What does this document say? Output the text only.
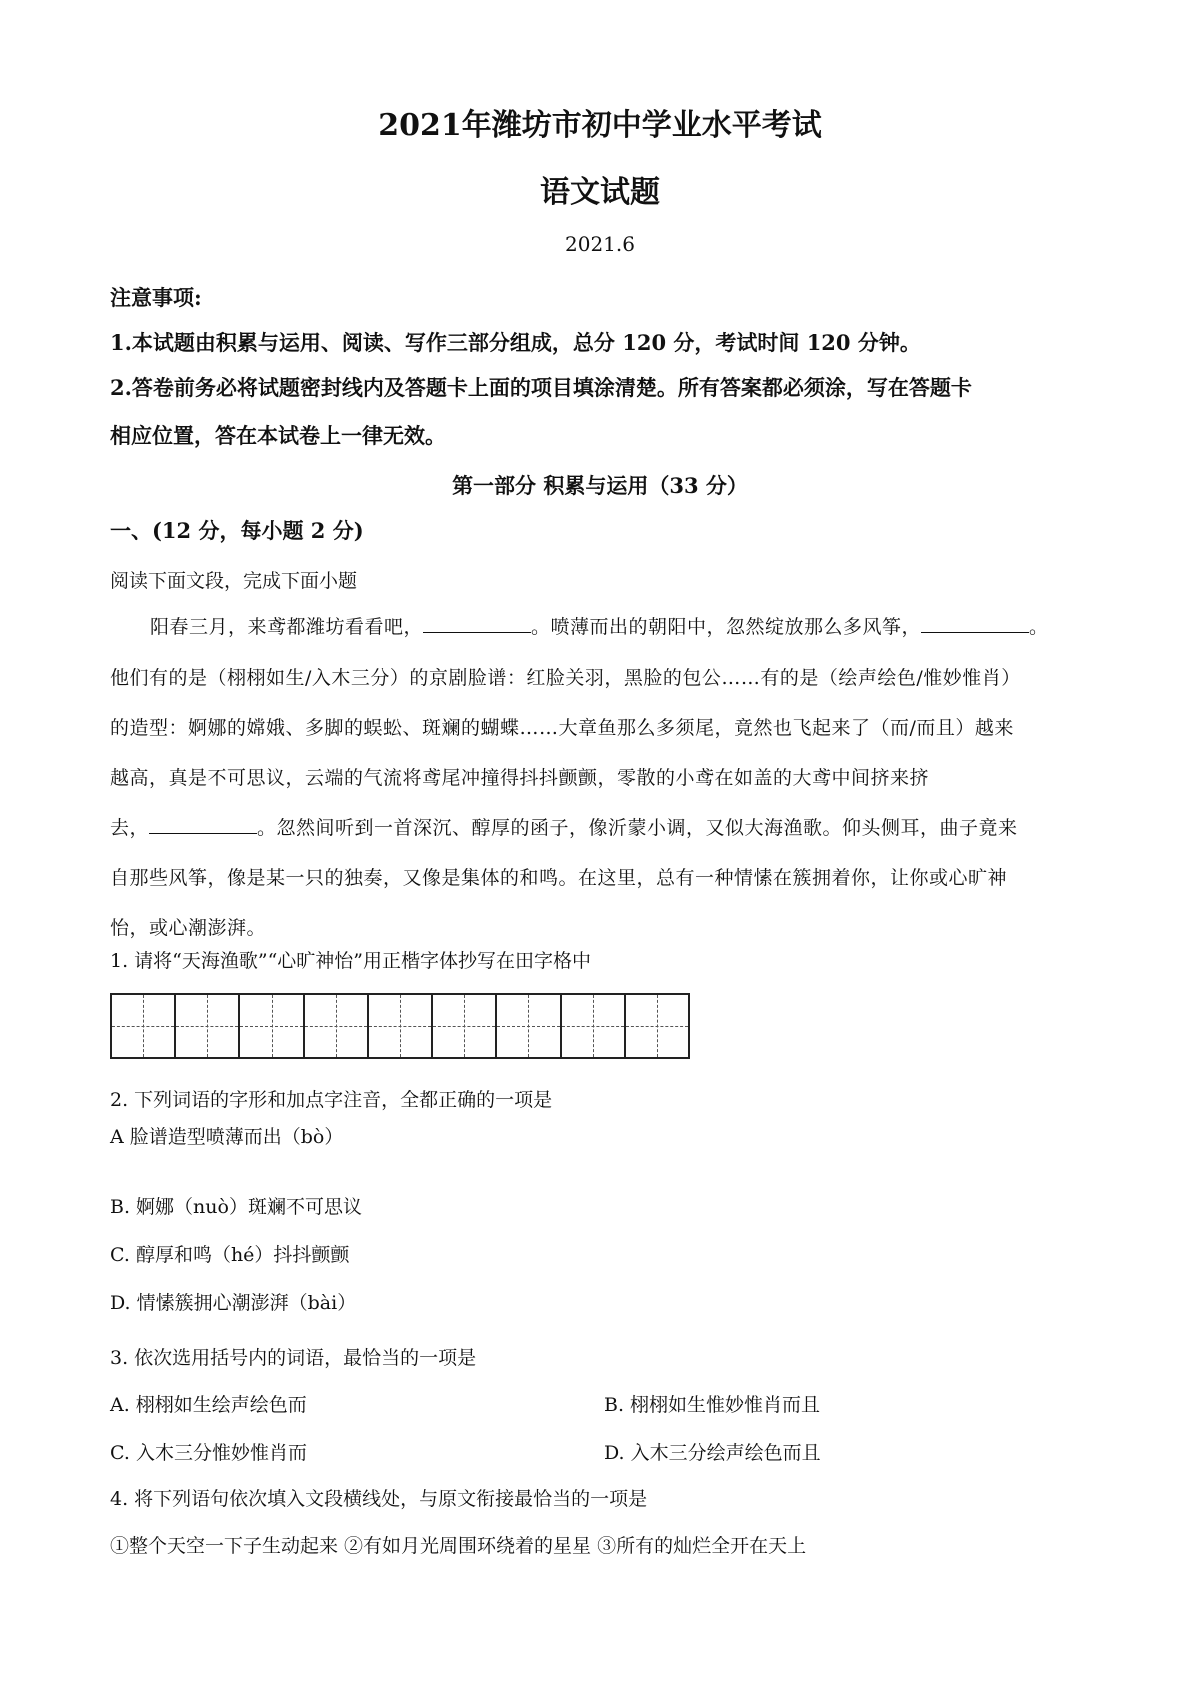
2021年潍坊市初中学业水平考试
语文试题
2021.6
注意事项:
1.本试题由积累与运用、阅读、写作三部分组成，总分 120 分，考试时间 120 分钟。
2.答卷前务必将试题密封线内及答题卡上面的项目填涂清楚。所有答案都必须涂，写在答题卡
相应位置，答在本试卷上一律无效。
第一部分 积累与运用（33 分）
一、(12 分，每小题 2 分)
阅读下面文段，完成下面小题
阳春三月，来鸢都潍坊看看吧，	。喷薄而出的朝阳中，忽然绽放那么多风筝，	。
他们有的是（栩栩如生/入木三分）的京剧脸谱：红脸关羽，黑脸的包公……有的是（绘声绘色/惟妙惟肖）
的造型：婀娜的嫦娥、多脚的蜈蚣、斑斓的蝴蝶……大章鱼那么多须尾，竟然也飞起来了（而/而且）越来
越高，真是不可思议，云端的气流将鸢尾冲撞得抖抖颤颤，零散的小鸢在如盖的大鸢中间挤来挤
去，	。忽然间听到一首深沉、醇厚的函子，像沂蒙小调，又似大海渔歌。仰头侧耳，曲子竟来
自那些风筝，像是某一只的独奏，又像是集体的和鸣。在这里，总有一种情愫在簇拥着你，让你或心旷神
怡，或心潮澎湃。
1. 请将“天海渔歌”“心旷神怡”用正楷字体抄写在田字格中
2. 下列词语的字形和加点字注音，全都正确的一项是
A 脸谱造型喷薄而出（bò）
B. 婀娜（nuò）斑斓不可思议
C. 醇厚和鸣（hé）抖抖颤颤
D. 情愫簇拥心潮澎湃（bài）
3. 依次选用括号内的词语，最恰当的一项是
A. 栩栩如生绘声绘色而	B. 栩栩如生惟妙惟肖而且
C. 入木三分惟妙惟肖而	D. 入木三分绘声绘色而且
4. 将下列语句依次填入文段横线处，与原文衔接最恰当的一项是
①整个天空一下子生动起来 ②有如月光周围环绕着的星星 ③所有的灿烂全开在天上
